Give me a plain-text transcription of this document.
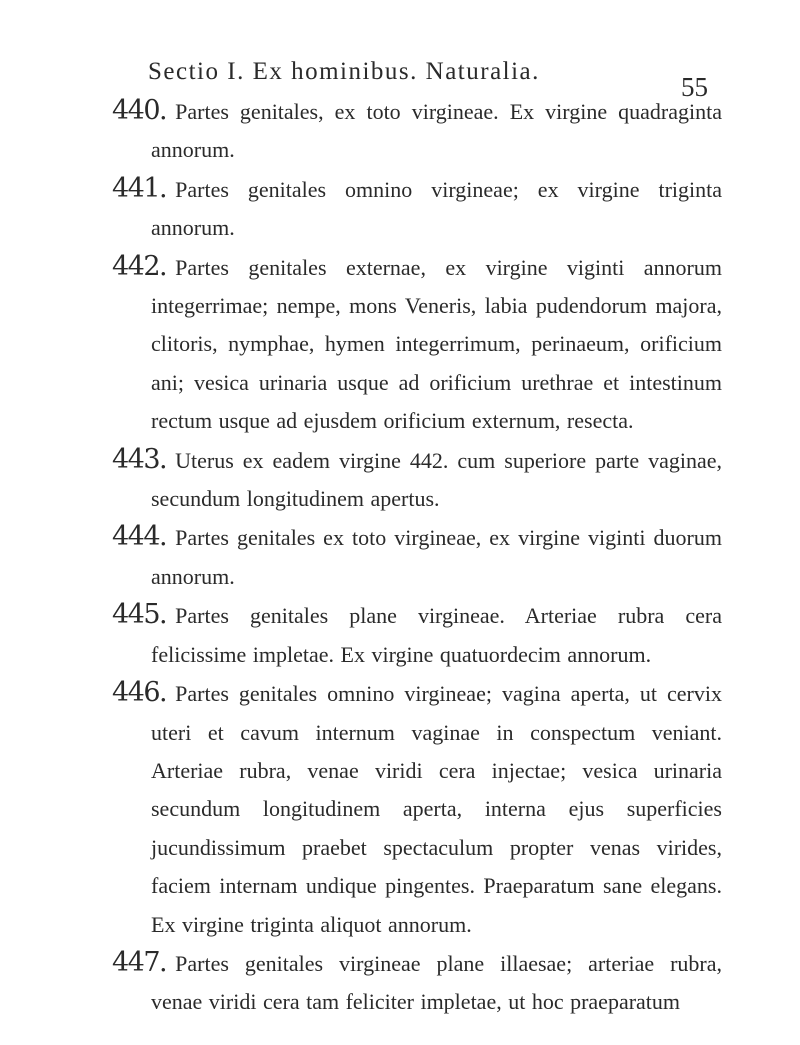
Sectio I. Ex hominibus. Naturalia.
55

440. Partes genitales, ex toto virgineae. Ex virgine quadraginta annorum.

441. Partes genitales omnino virgineae; ex virgine triginta annorum.

442. Partes genitales externae, ex virgine viginti annorum integerrimae; nempe, mons Veneris, labia pudendorum majora, clitoris, nymphae, hymen integerrimum, perinaeum, orificium ani; vesica urinaria usque ad orificium urethrae et intestinum rectum usque ad ejusdem orificium externum, resecta.

443. Uterus ex eadem virgine 442. cum superiore parte vaginae, secundum longitudinem apertus.

444. Partes genitales ex toto virgineae, ex virgine viginti duorum annorum.

445. Partes genitales plane virgineae. Arteriae rubra cera felicissime impletae. Ex virgine quatuordecim annorum.

446. Partes genitales omnino virgineae; vagina aperta, ut cervix uteri et cavum internum vaginae in conspectum veniant. Arteriae rubra, venae viridi cera injectae; vesica urinaria secundum longitudinem aperta, interna ejus superficies jucundissimum praebet spectaculum propter venas virides, faciem internam undique pingentes. Praeparatum sane elegans. Ex virgine triginta aliquot annorum.

447. Partes genitales virgineae plane illaesae; arteriae rubra, venae viridi cera tam feliciter impletae, ut hoc praeparatum
